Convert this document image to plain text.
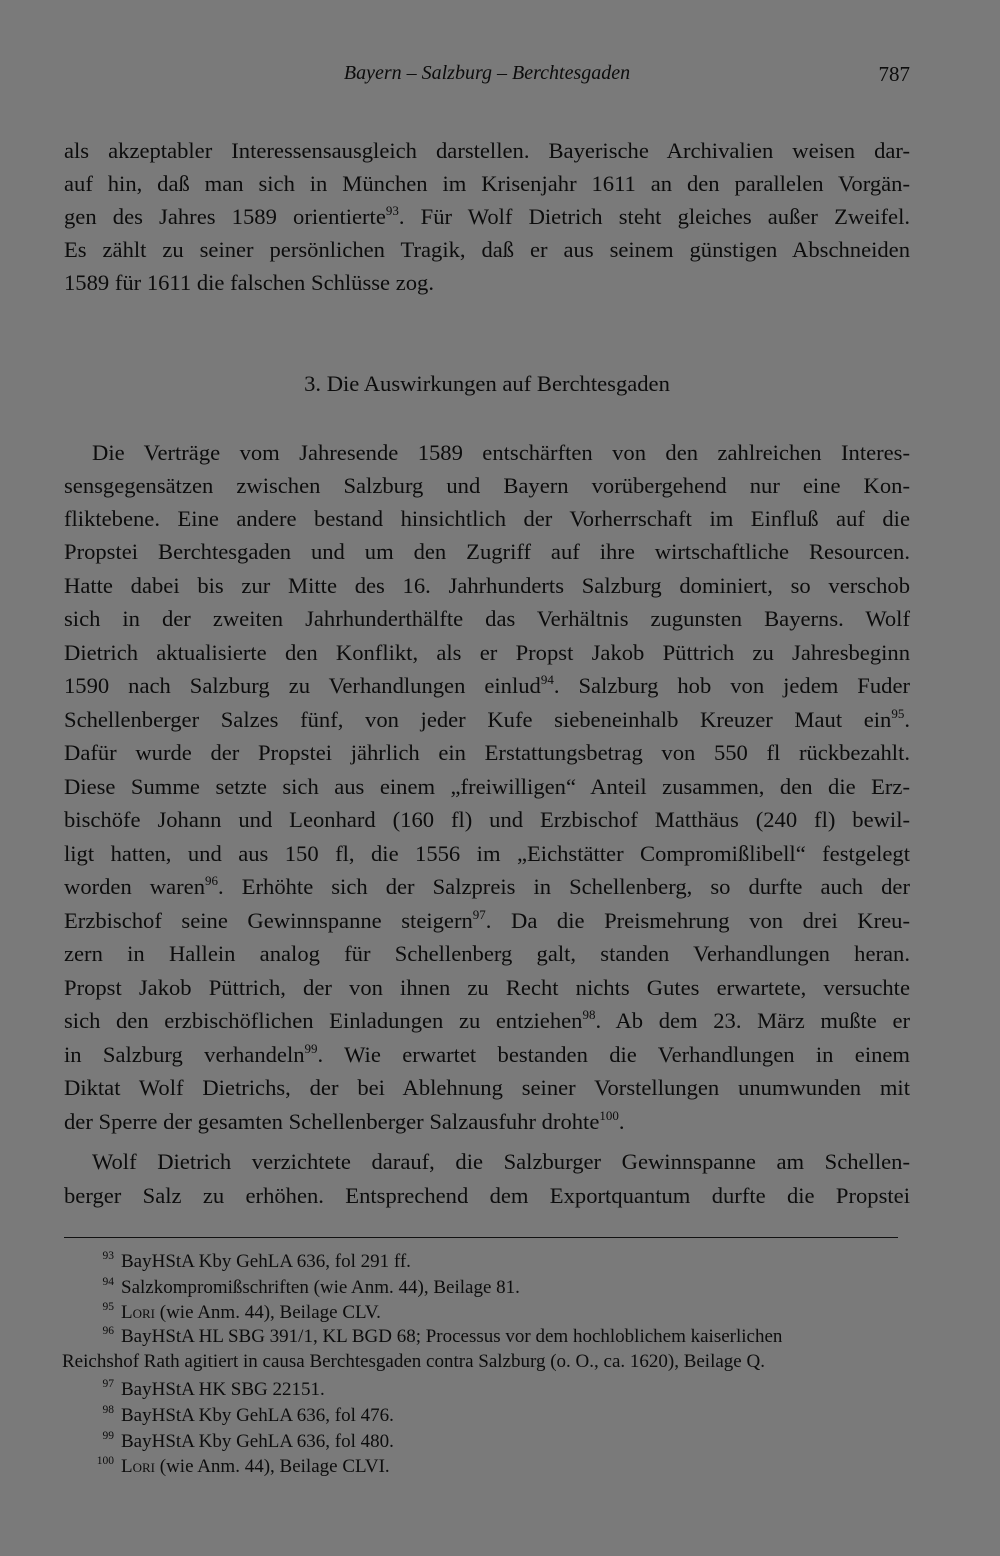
Bayern – Salzburg – Berchtesgaden	787
als akzeptabler Interessensausgleich darstellen. Bayerische Archivalien weisen dar-
auf hin, daß man sich in München im Krisenjahr 1611 an den parallelen Vorgän-
gen des Jahres 1589 orientierte$^{93}$. Für Wolf Dietrich steht gleiches außer Zweifel.
Es zählt zu seiner persönlichen Tragik, daß er aus seinem günstigen Abschneiden
1589 für 1611 die falschen Schlüsse zog.
3. Die Auswirkungen auf Berchtesgaden
Die Verträge vom Jahresende 1589 entschärften von den zahlreichen Interes-
sensgegensätzen zwischen Salzburg und Bayern vorübergehend nur eine Kon-
fliktebene. Eine andere bestand hinsichtlich der Vorherrschaft im Einfluß auf die
Propstei Berchtesgaden und um den Zugriff auf ihre wirtschaftliche Resourcen.
Hatte dabei bis zur Mitte des 16. Jahrhunderts Salzburg dominiert, so verschob
sich in der zweiten Jahrhunderthälfte das Verhältnis zugunsten Bayerns. Wolf
Dietrich aktualisierte den Konflikt, als er Propst Jakob Püttrich zu Jahresbeginn
1590 nach Salzburg zu Verhandlungen einlud$^{94}$. Salzburg hob von jedem Fuder
Schellenberger Salzes fünf, von jeder Kufe siebeneinhalb Kreuzer Maut ein$^{95}$.
Dafür wurde der Propstei jährlich ein Erstattungsbetrag von 550 fl rückbezahlt.
Diese Summe setzte sich aus einem „freiwilligen“ Anteil zusammen, den die Erz-
bischöfe Johann und Leonhard (160 fl) und Erzbischof Matthäus (240 fl) bewil-
ligt hatten, und aus 150 fl, die 1556 im „Eichstätter Compromißlibell“ festgelegt
worden waren$^{96}$. Erhöhte sich der Salzpreis in Schellenberg, so durfte auch der
Erzbischof seine Gewinnspanne steigern$^{97}$. Da die Preismehrung von drei Kreu-
zern in Hallein analog für Schellenberg galt, standen Verhandlungen heran.
Propst Jakob Püttrich, der von ihnen zu Recht nichts Gutes erwartete, versuchte
sich den erzbischöflichen Einladungen zu entziehen$^{98}$. Ab dem 23. März mußte er
in Salzburg verhandeln$^{99}$. Wie erwartet bestanden die Verhandlungen in einem
Diktat Wolf Dietrichs, der bei Ablehnung seiner Vorstellungen unumwunden mit
der Sperre der gesamten Schellenberger Salzausfuhr drohte$^{100}$.
Wolf Dietrich verzichtete darauf, die Salzburger Gewinnspanne am Schellen-
berger Salz zu erhöhen. Entsprechend dem Exportquantum durfte die Propstei
93 BayHStA Kby GehLA 636, fol 291 ff.
94 Salzkompromißschriften (wie Anm. 44), Beilage 81.
95 Lori (wie Anm. 44), Beilage CLV.
96 BayHStA HL SBG 391/1, KL BGD 68; Processus vor dem hochloblichem kaiserlichen
Reichshof Rath agitiert in causa Berchtesgaden contra Salzburg (o. O., ca. 1620), Beilage Q.
97 BayHStA HK SBG 22151.
98 BayHStA Kby GehLA 636, fol 476.
99 BayHStA Kby GehLA 636, fol 480.
100 Lori (wie Anm. 44), Beilage CLVI.
